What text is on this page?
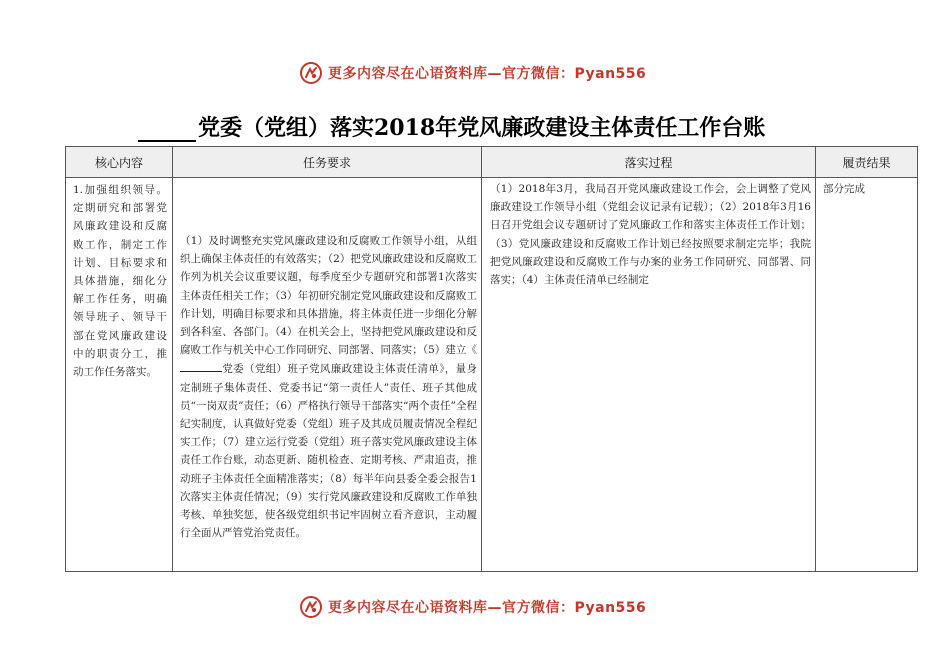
更多内容尽在心语资料库—官方微信：Pyan556
党委（党组）落实2018年党风廉政建设主体责任工作台账
核心内容	任务要求	落实过程	履责结果
1.加强组织领导。定期研究和部署党风廉政建设和反腐败工作，制定工作计划、目标要求和具体措施，细化分解工作任务，明确领导班子、领导干部在党风廉政建设中的职责分工，推动工作任务落实。	（1）及时调整充实党风廉政建设和反腐败工作领导小组，从组织上确保主体责任的有效落实；（2）把党风廉政建设和反腐败工作列为机关会议重要议题，每季度至少专题研究和部署1次落实主体责任相关工作；（3）年初研究制定党风廉政建设和反腐败工作计划，明确目标要求和具体措施，将主体责任进一步细化分解到各科室、各部门。（4）在机关会上，坚持把党风廉政建设和反腐败工作与机关中心工作同研究、同部署、同落实；（5）建立《党委（党组）班子党风廉政建设主体责任清单》，量身定制班子集体责任、党委书记“第一责任人”责任、班子其他成员“一岗双责”责任；（6）严格执行领导干部落实“两个责任”全程纪实制度，认真做好党委（党组）班子及其成员履责情况全程纪实工作；（7）建立运行党委（党组）班子落实党风廉政建设主体责任工作台账，动态更新、随机检查、定期考核、严肃追责，推动班子主体责任全面精准落实；（8）每半年向县委全委会报告1次落实主体责任情况；（9）实行党风廉政建设和反腐败工作单独考核、单独奖惩，使各级党组织书记牢固树立看齐意识，主动履行全面从严管党治党责任。	（1）2018年3月，我局召开党风廉政建设工作会，会上调整了党风廉政建设工作领导小组（党组会议记录有记载）；（2）2018年3月16日召开党组会议专题研讨了党风廉政工作和落实主体责任工作计划；（3）党风廉政建设和反腐败工作计划已经按照要求制定完毕；我院把党风廉政建设和反腐败工作与办案的业务工作同研究、同部署、同落实；（4）主体责任清单已经制定	部分完成
更多内容尽在心语资料库—官方微信：Pyan556
